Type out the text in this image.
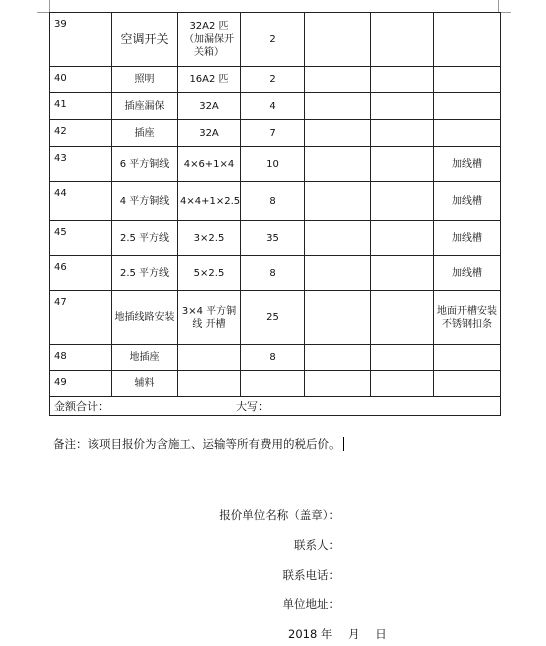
39	空调开关	32A2 匹（加漏保开关箱）	2			
40	照明	16A2 匹	2			
41	插座漏保	32A	4			
42	插座	32A	7			
43	6 平方铜线	4×6+1×4	10			加线槽
44	4 平方铜线	4×4+1×2.5	8			加线槽
45	2.5 平方线	3×2.5	35			加线槽
46	2.5 平方线	5×2.5	8			加线槽
47	地插线路安装	3×4 平方铜线 开槽	25			地面开槽安装不锈钢扣条
48	地插座		8			
49	辅料					
金额合计： 大写：						
备注：该项目报价为含施工、运输等所有费用的税后价。
报价单位名称（盖章）：
联系人：
联系电话：
单位地址：
2018 年 月 日
